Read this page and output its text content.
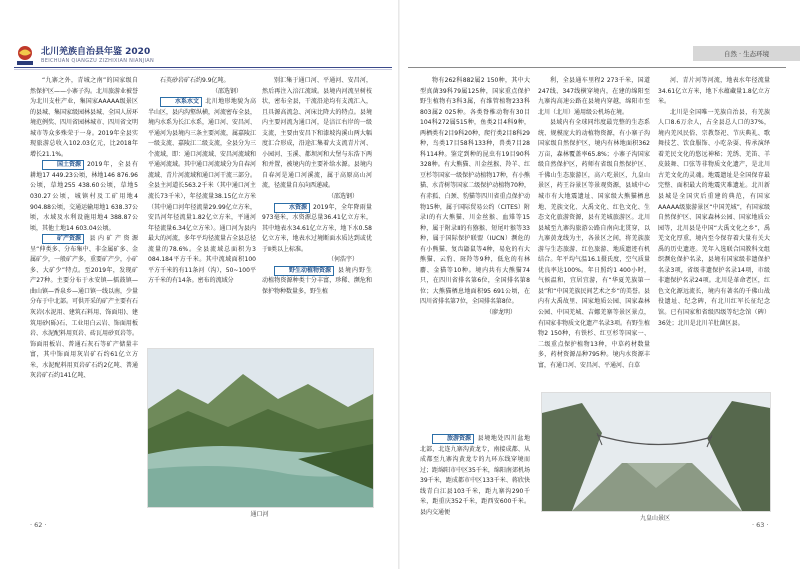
北川羌族自治县年鉴 2020
BEICHUAN QIANGZU ZIZHIXIAN NIANJIAN

“九寨之外，青城之南”的国家级自然保护区——小寨子沟。北川旅游业被誉为北川支柱产业，集国家AAAAA级景区的县城、集国家级园林县城、全国人居环境范例奖、四川省园林城市、四川省文明城市等众多殊荣于一身。2019年全县实现旅游总收入102.03亿元，比2018年增长21.1%。

国土资源 2019年，全县有耕地17 449.23公顷，林地146 876.96公顷，草地255 438.60公顷，草地5 030.27公顷，城镇村及工矿用地4 904.88公顷，交通运输用地1 638.37公顷，水域及水利设施用地4 388.87公顷，其他土地14 603.04公顷。

矿产资源 县内矿产资源呈“伸类多、分布集中、非金属矿多、金属矿少，一般矿产多，重要矿产少，小矿多、大矿少”特点。至2019年，发现矿产27种。主要分布于永安镇—擂鼓镇—曲山镇—香泉乡—通口镇一线以南，少量分布于中北部。可供开采的矿产主要有石灰岩(水泥用、建筑石料用、饰面用)、建筑用砂(砾)石、工业用白云岩、饰面用板岩、水泥配料用页岩、砖瓦用砂页岩等。饰面用板岩、普通石灰石等矿产储量丰富，其中饰面用灰岩矿石约61亿立方米，水泥配料用页岩矿石约2亿吨、普通灰岩矿石约141亿吨、

石英砂岩矿石约9.9亿吨。

（邵选钢）

水系水文 北川地形地貌为高半山区，县内沟壑纵横，河流密布全县，境内水系为长江水系，通口河、安昌河、平通河为县境内三条主要河流，属嘉陵江一级支流、嘉陵江二级支流，全县分为三个流域，即：通口河流域、安昌河流域和平通河流域。其中通口河流域分为自春河流域、青片河流域和通口河干流三部分。全县主河道长563.2千米（其中通口河主流长73千米），年径流量38.15亿立方米（其中通口河年径流量29.99亿立方米，安昌河年径流量1.82亿立方米，平通河年径流量6.34亿立方米）。通口河为县内最大的河流，多年平均径流量占全县总径流量的78.6%。全县流域总面积为3 084.184平方千米。其中流域面积100平方千米的有11条河（沟），50~100平方千米的有14条。密布的流域分

别汇集于通口河、平通河、安昌河，然后再注入涪江流域。县境内河流呈树枝状，密布全县，干流沿途均有支流汇入，且具源高流急、河床比降大的特点。县境内主要河流为通口河，是涪江右岸的一级支流，主要由安昌下和漆坡沟溪山两大幅度汇合形成，沿途汇集着大支流青片河、小园河、玉溪、都坝河和大堡与东浩下两和并置，被境内的主要补给水源。县境内自春河是通口河溪流，属于高原高山河流，径流量自东向西递减。

（邵选钢）

水资源 2019年，全年降雨量973毫米，水资源总量36.41亿立方米，其中地表水34.61亿立方米，地下水0.58亿立方米，地表水过境断面水质达到或优于Ⅱ类以上标准。

（何浩宇）

野生动植物资源 县境内野生动植物资源种类十分丰富，珍稀、濒危和保护物种数量多，野生植

通口河
· 62 ·
自然 · 生态环境

物有262科882属2 150种，其中大型真菌39科79属125种，国家重点保护野生植物有3科3属，有维管植物233科803属2 025种。各类脊椎动物有30目104科272属515种，鱼类2目4科9种，两栖类有2目9科20种，爬行类2目8科29种，鸟类17目58科133种，兽类7目28科114种。鉴定到种的昆虫有19目90科328种。有大熊猫、川金丝猴、羚羊、红豆杉等国家一级保护动植物17种，有小熊猫、水青树等国家二级保护动植物70种，有赤狐、白颈、豹猫等四川省重点保护动物15种，属于国际贸易公约（CITES）附录Ⅰ的有大熊猫、川金丝猴、血雉等15种，属于附录Ⅱ的有猕猴、短尾叶猴等33种，属于国际保护联盟（IUCN）濒危的有小熊猫、复齿鼯鼠等4种，易危的有大熊猫、云豹、斑羚等9种，低危的有林麝、金猫等10种。境内共有大熊猫74只，在四川省排名第6位，全国排名第8位；大熊猫栖息地面积95 691公顷，在四川省排名第7位，全国排名第8位。

（廖龙明）

旅游资源 县境地处四川盆地北部，北连九寨沟黄龙专，南接成都、从成都至九寨沟黄龙专的九环东线穿境而过；距绵阳市中区35千米，绵阳南郊机场39千米，距成都市中区133千米、蒋欣快线青白江县103千米，距九寨沟290千米，距重庆352千米，距西安600千米。县内交通便

利，全县通车里程2 273千米，国道247线、347线横穿境内，在建的绵阳至九寨沟高速公路在县境内穿越，绵阳市至北川（北川）通用级公机场在境。

县域内有全球同纬度最完整的生态系统、规模庞大的动植物资源，有小寨子沟国家级自然保护区，境内有林地面积362万亩，森林覆盖率65.8%；小寨子沟国家级自然保护区，药师有省级自然保护区、千佛山生态旅游区，高六吃景区，九皇山景区，药王谷景区等景观资源，县域中心城市有大地震遗址、国家级大熊猫栖息地、羌族文化、大禹文化、红色文化、生态文化旅游资源，县有羌城旅游区。北川县城至九寨沟旅游公路自南向北贯穿，以九寨黄龙线为主，各景区之间，将羌族旅游与生态旅游、红色旅游、地质遗迹有机结合。年平均气温16.1摄氏度，空气质量优良率达100%。年日照约1 400小时，气候温和，宜居宜游，有“华夏羌族第一县”和“中国羌族民间艺术之乡”的美誉。县内有大禹故里、国家地质公园、国家森林公园、中国羌城、吉娜羌寨等景区景点，有国家非物质文化遗产名录3项。有野生植物2 150种，有铁杉、红豆杉等国家一、二级重点保护植物13种，中草药材数量多，药材资源品种795种。境内水资源丰富，有通口河、安昌河、平通河、白草

河、青片河等河流，地表水年径流量34.61亿立方米，地下水蕴藏量1.8亿立方米。

北川是全国唯一羌族自治县，有羌族人口8.6万余人，占全县总人口的37%，境内羌风民俗、宗教祭祀、节庆典礼、歌舞技艺、饮食服饰、小吃杂耍、传承演绎着羌民文化的悠远神秘；羌绣、羌笛、羊皮鼓舞、口弦等非物质文化遗产，是北川古羌文化的灵魂。地震遗址是全国保存最完整、面积最大的地震灾难遗址。北川新县城是全国灾后重建的典范，有国家AAAAA级旅游景区“中国羌城”，有国家级自然保护区、国家森林公园、国家地质公园等，北川县是中国“大禹文化之乡”，禹羌文化厚重，境内至今保存着大量有关大禹的历史遗迹。羌年入选联合国教科文组织濒危保护名录，县境有国家级非遗保护名录3项，省级非遗保护名录14项，市级非遗保护名录24项。北川是革命老区，红色文化源远流长，境内有著名的千佛山战役遗址、纪念碑，有北川红军长征纪念馆。已有国家和省级四级等纪念馆（碑）36处；北川是北川羊肚菌区县。

九皇山景区
· 63 ·
